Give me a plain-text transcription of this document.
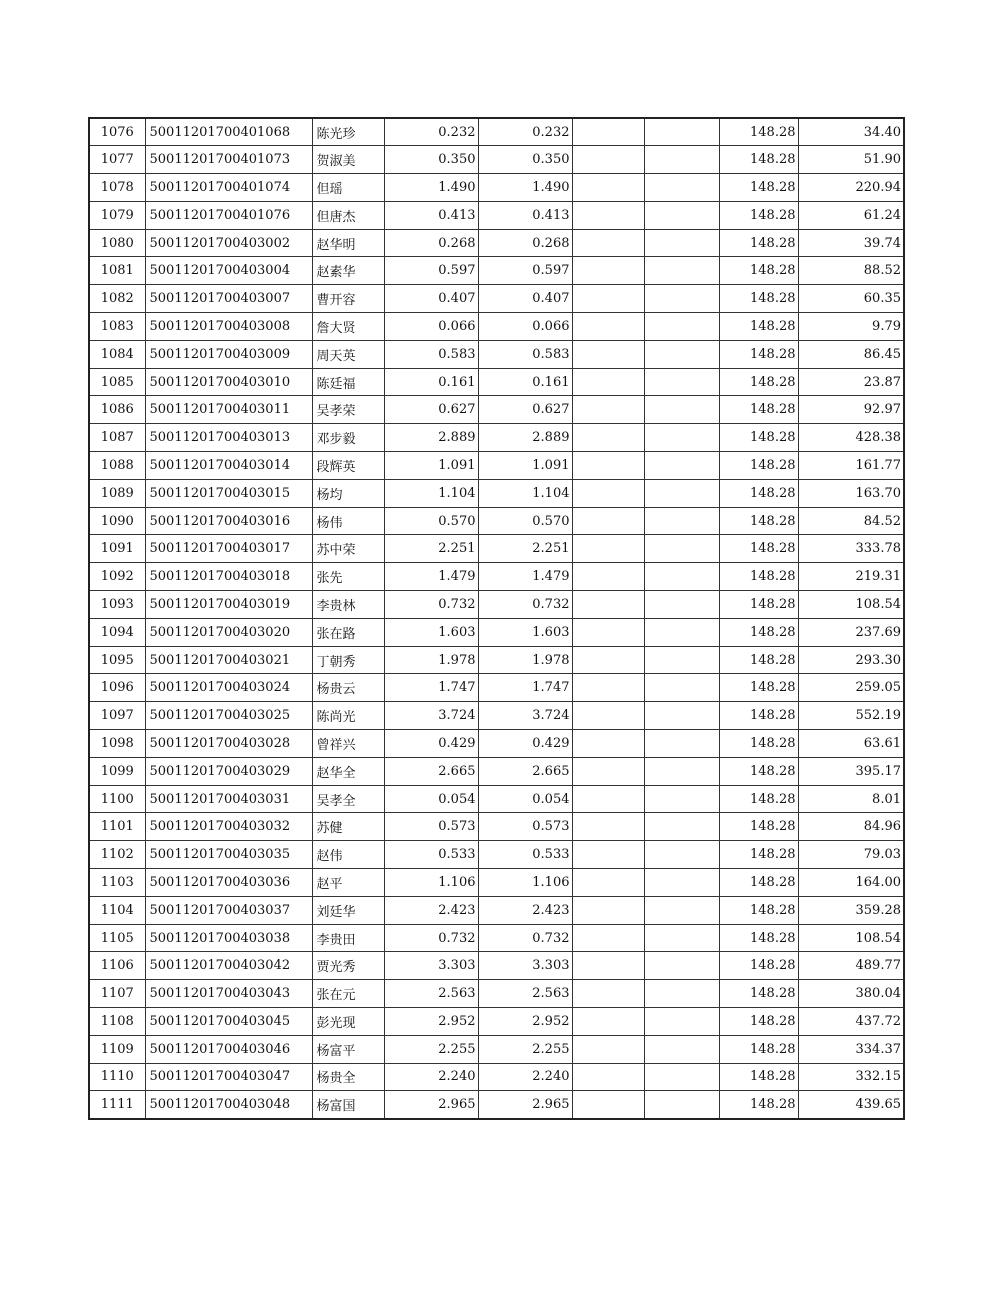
1076	50011201700401068	陈光珍	0.232	0.232			148.28	34.40
1077	50011201700401073	贺淑美	0.350	0.350			148.28	51.90
1078	50011201700401074	但瑶	1.490	1.490			148.28	220.94
1079	50011201700401076	但唐杰	0.413	0.413			148.28	61.24
1080	50011201700403002	赵华明	0.268	0.268			148.28	39.74
1081	50011201700403004	赵素华	0.597	0.597			148.28	88.52
1082	50011201700403007	曹开容	0.407	0.407			148.28	60.35
1083	50011201700403008	詹大贤	0.066	0.066			148.28	9.79
1084	50011201700403009	周天英	0.583	0.583			148.28	86.45
1085	50011201700403010	陈廷福	0.161	0.161			148.28	23.87
1086	50011201700403011	吴孝荣	0.627	0.627			148.28	92.97
1087	50011201700403013	邓步毅	2.889	2.889			148.28	428.38
1088	50011201700403014	段辉英	1.091	1.091			148.28	161.77
1089	50011201700403015	杨均	1.104	1.104			148.28	163.70
1090	50011201700403016	杨伟	0.570	0.570			148.28	84.52
1091	50011201700403017	苏中荣	2.251	2.251			148.28	333.78
1092	50011201700403018	张先	1.479	1.479			148.28	219.31
1093	50011201700403019	李贵林	0.732	0.732			148.28	108.54
1094	50011201700403020	张在路	1.603	1.603			148.28	237.69
1095	50011201700403021	丁朝秀	1.978	1.978			148.28	293.30
1096	50011201700403024	杨贵云	1.747	1.747			148.28	259.05
1097	50011201700403025	陈尚光	3.724	3.724			148.28	552.19
1098	50011201700403028	曾祥兴	0.429	0.429			148.28	63.61
1099	50011201700403029	赵华全	2.665	2.665			148.28	395.17
1100	50011201700403031	吴孝全	0.054	0.054			148.28	8.01
1101	50011201700403032	苏健	0.573	0.573			148.28	84.96
1102	50011201700403035	赵伟	0.533	0.533			148.28	79.03
1103	50011201700403036	赵平	1.106	1.106			148.28	164.00
1104	50011201700403037	刘廷华	2.423	2.423			148.28	359.28
1105	50011201700403038	李贵田	0.732	0.732			148.28	108.54
1106	50011201700403042	贾光秀	3.303	3.303			148.28	489.77
1107	50011201700403043	张在元	2.563	2.563			148.28	380.04
1108	50011201700403045	彭光现	2.952	2.952			148.28	437.72
1109	50011201700403046	杨富平	2.255	2.255			148.28	334.37
1110	50011201700403047	杨贵全	2.240	2.240			148.28	332.15
1111	50011201700403048	杨富国	2.965	2.965			148.28	439.65
